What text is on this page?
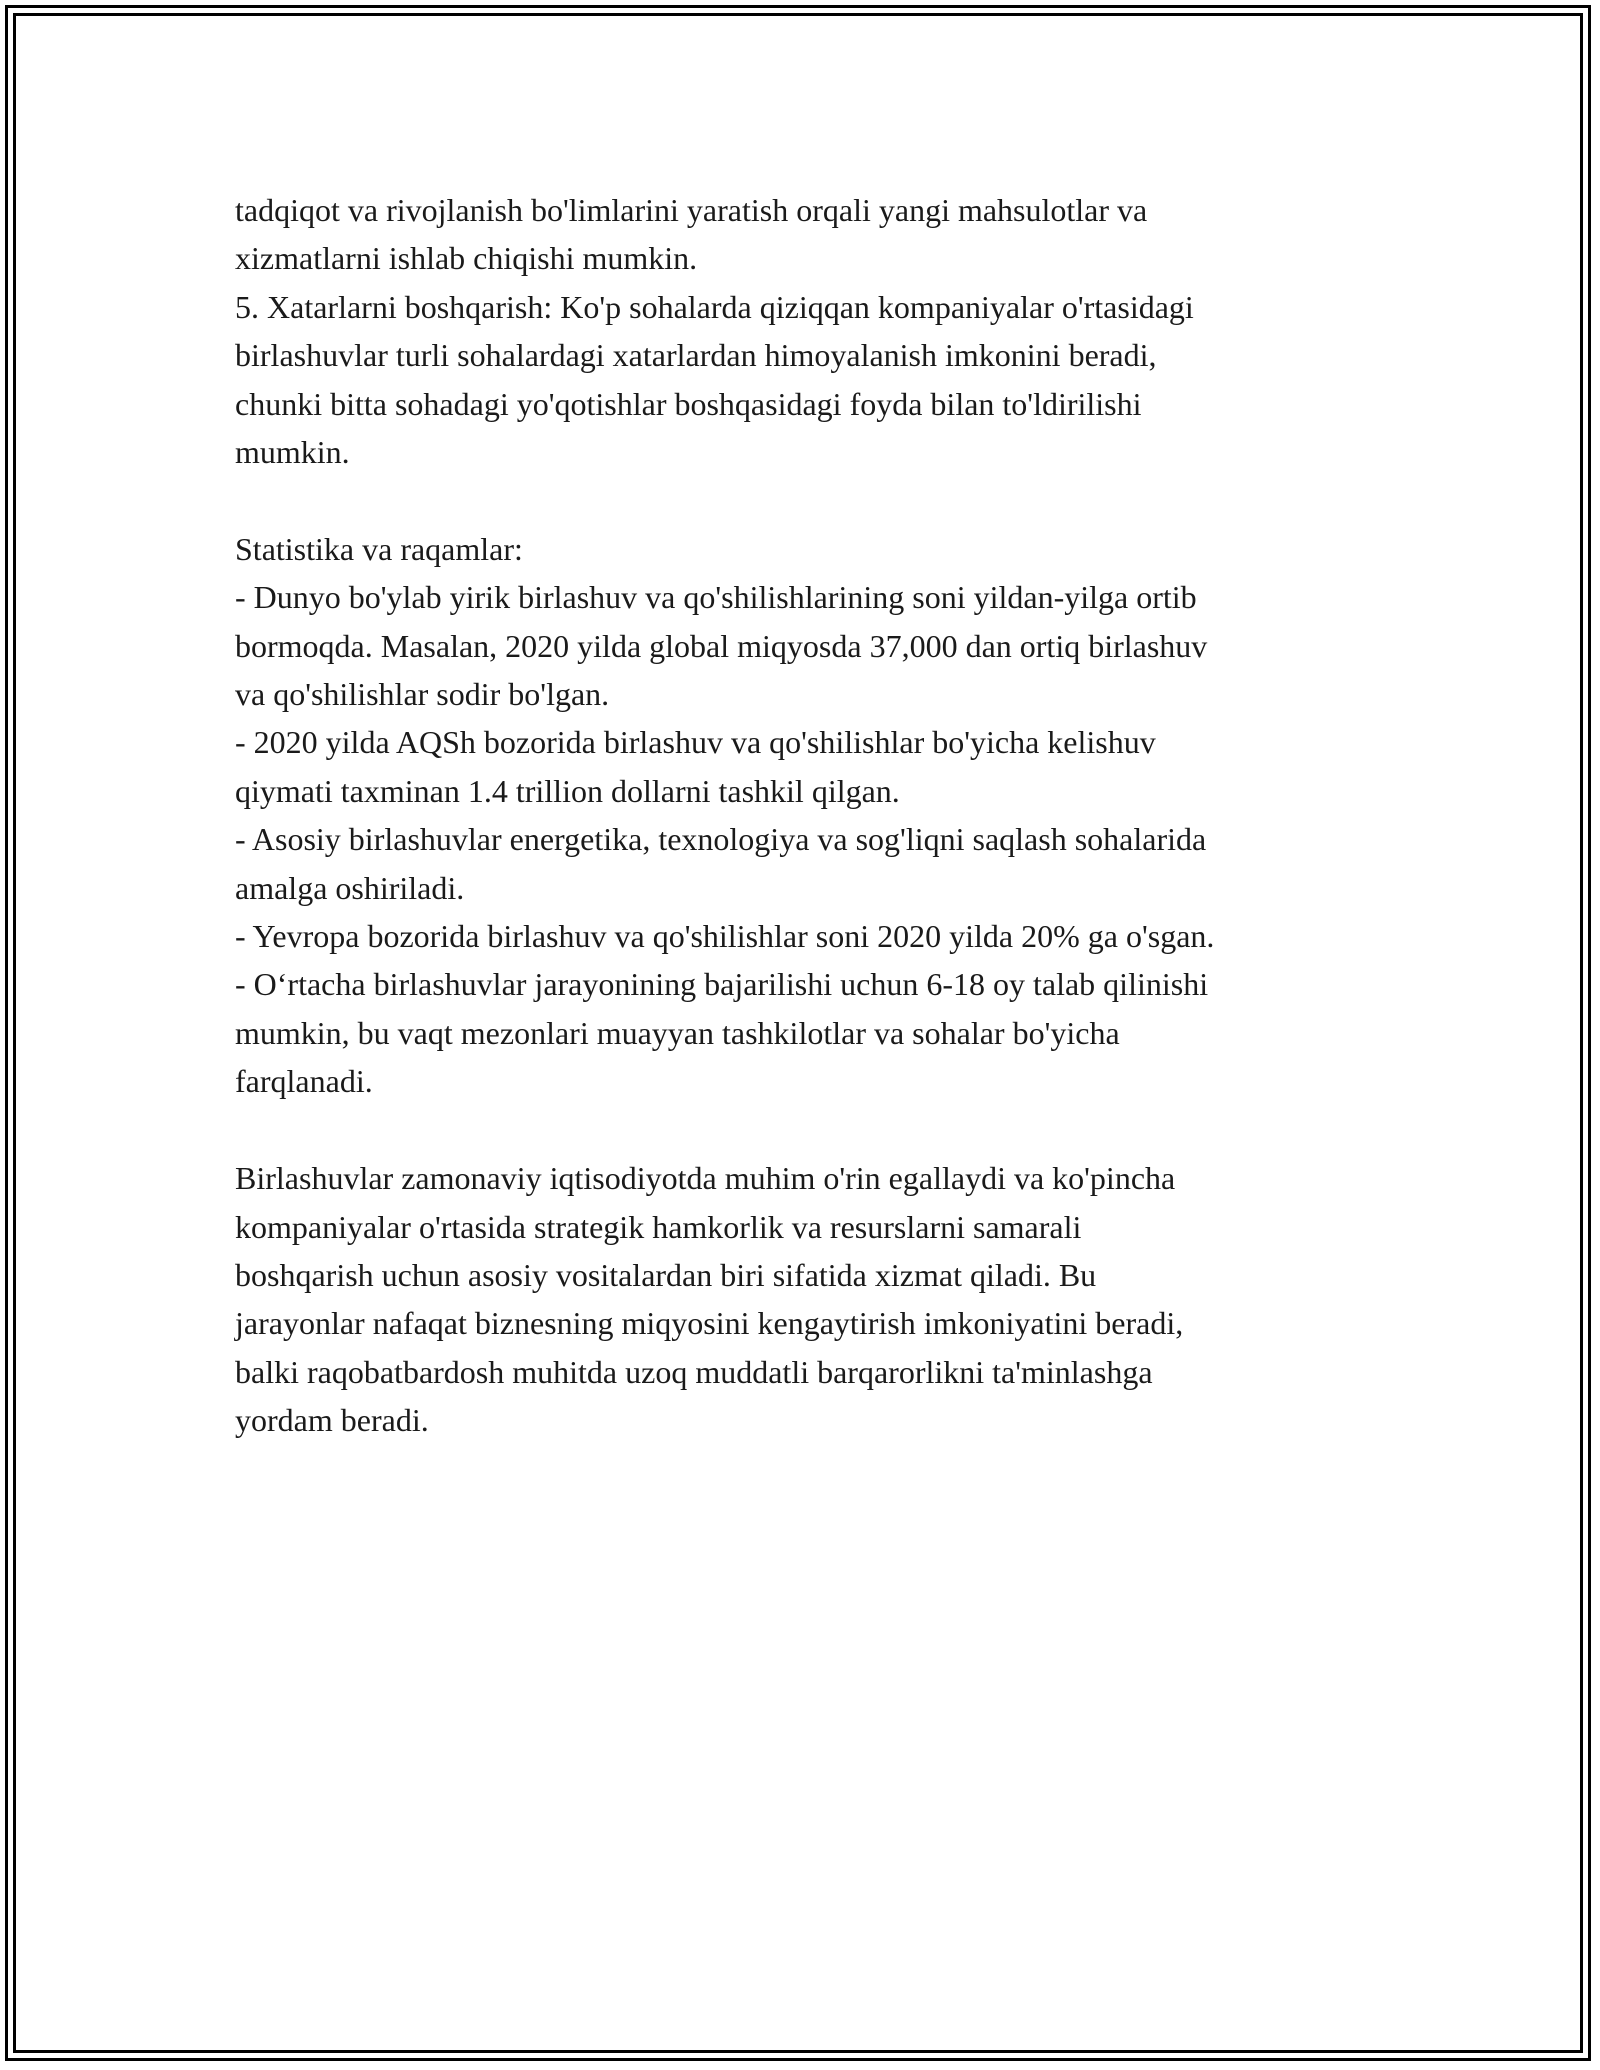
tadqiqot va rivojlanish bo'limlarini yaratish orqali yangi mahsulotlar va
xizmatlarni ishlab chiqishi mumkin.
5. Xatarlarni boshqarish: Ko'p sohalarda qiziqqan kompaniyalar o'rtasidagi
birlashuvlar turli sohalardagi xatarlardan himoyalanish imkonini beradi,
chunki bitta sohadagi yo'qotishlar boshqasidagi foyda bilan to'ldirilishi
mumkin.
Statistika va raqamlar:
- Dunyo bo'ylab yirik birlashuv va qo'shilishlarining soni yildan-yilga ortib
bormoqda. Masalan, 2020 yilda global miqyosda 37,000 dan ortiq birlashuv
va qo'shilishlar sodir bo'lgan.
- 2020 yilda AQSh bozorida birlashuv va qo'shilishlar bo'yicha kelishuv
qiymati taxminan 1.4 trillion dollarni tashkil qilgan.
- Asosiy birlashuvlar energetika, texnologiya va sog'liqni saqlash sohalarida
amalga oshiriladi.
- Yevropa bozorida birlashuv va qo'shilishlar soni 2020 yilda 20% ga o'sgan.
- O‘rtacha birlashuvlar jarayonining bajarilishi uchun 6-18 oy talab qilinishi
mumkin, bu vaqt mezonlari muayyan tashkilotlar va sohalar bo'yicha
farqlanadi.
Birlashuvlar zamonaviy iqtisodiyotda muhim o'rin egallaydi va ko'pincha
kompaniyalar o'rtasida strategik hamkorlik va resurslarni samarali
boshqarish uchun asosiy vositalardan biri sifatida xizmat qiladi. Bu
jarayonlar nafaqat biznesning miqyosini kengaytirish imkoniyatini beradi,
balki raqobatbardosh muhitda uzoq muddatli barqarorlikni ta'minlashga
yordam beradi.
